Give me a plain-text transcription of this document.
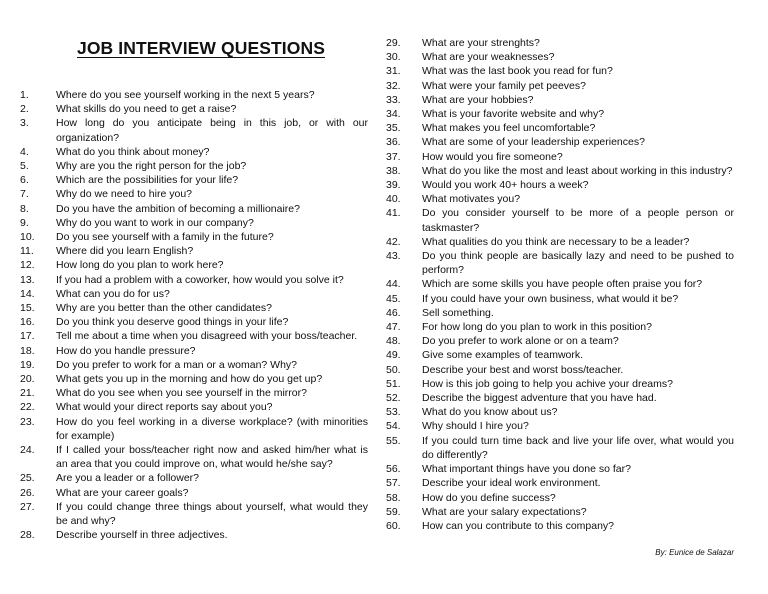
JOB INTERVIEW QUESTIONS
1.	Where do you see yourself working in the next 5 years?
2.	What skills do you need to get a raise?
3.	How long do you anticipate being in this job, or with our organization?
4.	What do you think about money?
5.	Why are you the right person for the job?
6.	Which are the possibilities for your life?
7.	Why do we need to hire you?
8.	Do you have the ambition of becoming a millionaire?
9.	Why do you want to work in our company?
10.	Do you see yourself with a family in the future?
11.	Where did you learn English?
12.	How long do you plan to work here?
13.	If you had a problem with a coworker, how would you solve it?
14.	What can you do for us?
15.	Why are you better than the other candidates?
16.	Do you think you deserve good things in your life?
17.	Tell me about a time when you disagreed with your boss/teacher.
18.	How do you handle pressure?
19.	Do you prefer to work for a man or a woman? Why?
20.	What gets you up in the morning and how do you get up?
21.	What do you see when you see yourself in the mirror?
22.	What would your direct reports say about you?
23.	How do you feel working in a diverse workplace? (with minorities for example)
24.	If I called your boss/teacher right now and asked him/her what is an area that you could improve on, what would he/she say?
25.	Are you a leader or a follower?
26.	What are your career goals?
27.	If you could change three things about yourself, what would they be and why?
28.	Describe yourself in three adjectives.
29.	What are your strenghts?
30.	What are your weaknesses?
31.	What was the last book you read for fun?
32.	What were your family pet peeves?
33.	What are your hobbies?
34.	What is your favorite website and why?
35.	What makes you feel uncomfortable?
36.	What are some of your leadership experiences?
37.	How would you fire someone?
38.	What do you like the most and least about working in this industry?
39.	Would you work 40+ hours a week?
40.	What motivates you?
41.	Do you consider yourself to be more of a people person or taskmaster?
42.	What qualities do you think are necessary to be a leader?
43.	Do you think people are basically lazy and need to be pushed to perform?
44.	Which are some skills you have people often praise you for?
45.	If you could have your own business, what would it be?
46.	Sell something.
47.	For how long do you plan to work in this position?
48.	Do you prefer to work alone or on a team?
49.	Give some examples of teamwork.
50.	Describe your best and worst boss/teacher.
51.	How is this job going to help you achive your dreams?
52.	Describe the biggest adventure that you have had.
53.	What do you know about us?
54.	Why should I hire you?
55.	If you could turn time back and live your life over, what would you do differently?
56.	What important things have you done so far?
57.	Describe your ideal work environment.
58.	How do you define success?
59.	What are your salary expectations?
60.	How can you contribute to this company?
By: Eunice de Salazar
